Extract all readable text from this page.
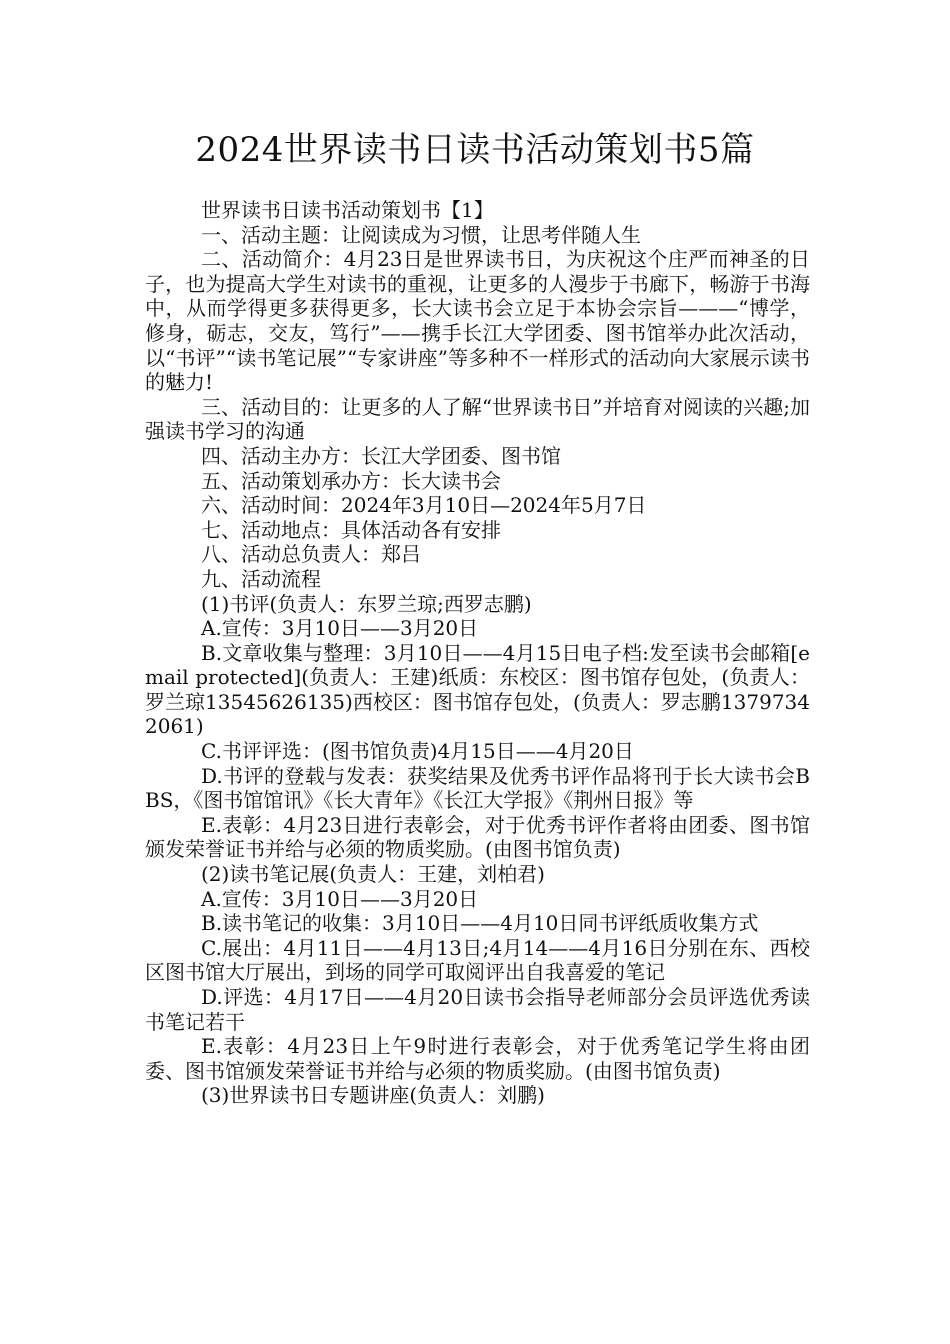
2024世界读书日读书活动策划书5篇

世界读书日读书活动策划书【1】

一、活动主题：让阅读成为习惯，让思考伴随人生

二、活动简介：4月23日是世界读书日，为庆祝这个庄严而神圣的日子，也为提高大学生对读书的重视，让更多的人漫步于书廊下，畅游于书海中，从而学得更多获得更多，长大读书会立足于本协会宗旨———“博学，修身，砺志，交友，笃行”——携手长江大学团委、图书馆举办此次活动，以“书评”“读书笔记展”“专家讲座”等多种不一样形式的活动向大家展示读书的魅力!

三、活动目的：让更多的人了解“世界读书日”并培育对阅读的兴趣;加强读书学习的沟通

四、活动主办方：长江大学团委、图书馆

五、活动策划承办方：长大读书会

六、活动时间：2024年3月10日—2024年5月7日

七、活动地点：具体活动各有安排

八、活动总负责人：郑吕

九、活动流程

(1)书评(负责人：东罗兰琼;西罗志鹏)

A.宣传：3月10日——3月20日

B.文章收集与整理：3月10日——4月15日电子档:发至读书会邮箱[email protected](负责人：王建)纸质：东校区：图书馆存包处，(负责人：罗兰琼13545626135)西校区：图书馆存包处，(负责人：罗志鹏13797342061)

C.书评评选：(图书馆负责)4月15日——4月20日

D.书评的登载与发表：获奖结果及优秀书评作品将刊于长大读书会BBS，《图书馆馆讯》《长大青年》《长江大学报》《荆州日报》等

E.表彰：4月23日进行表彰会，对于优秀书评作者将由团委、图书馆颁发荣誉证书并给与必须的物质奖励。(由图书馆负责)

(2)读书笔记展(负责人：王建，刘柏君)

A.宣传：3月10日——3月20日

B.读书笔记的收集：3月10日——4月10日同书评纸质收集方式

C.展出：4月11日——4月13日;4月14——4月16日分别在东、西校区图书馆大厅展出，到场的同学可取阅评出自我喜爱的笔记

D.评选：4月17日——4月20日读书会指导老师部分会员评选优秀读书笔记若干

E.表彰：4月23日上午9时进行表彰会，对于优秀笔记学生将由团委、图书馆颁发荣誉证书并给与必须的物质奖励。(由图书馆负责)

(3)世界读书日专题讲座(负责人：刘鹏)
